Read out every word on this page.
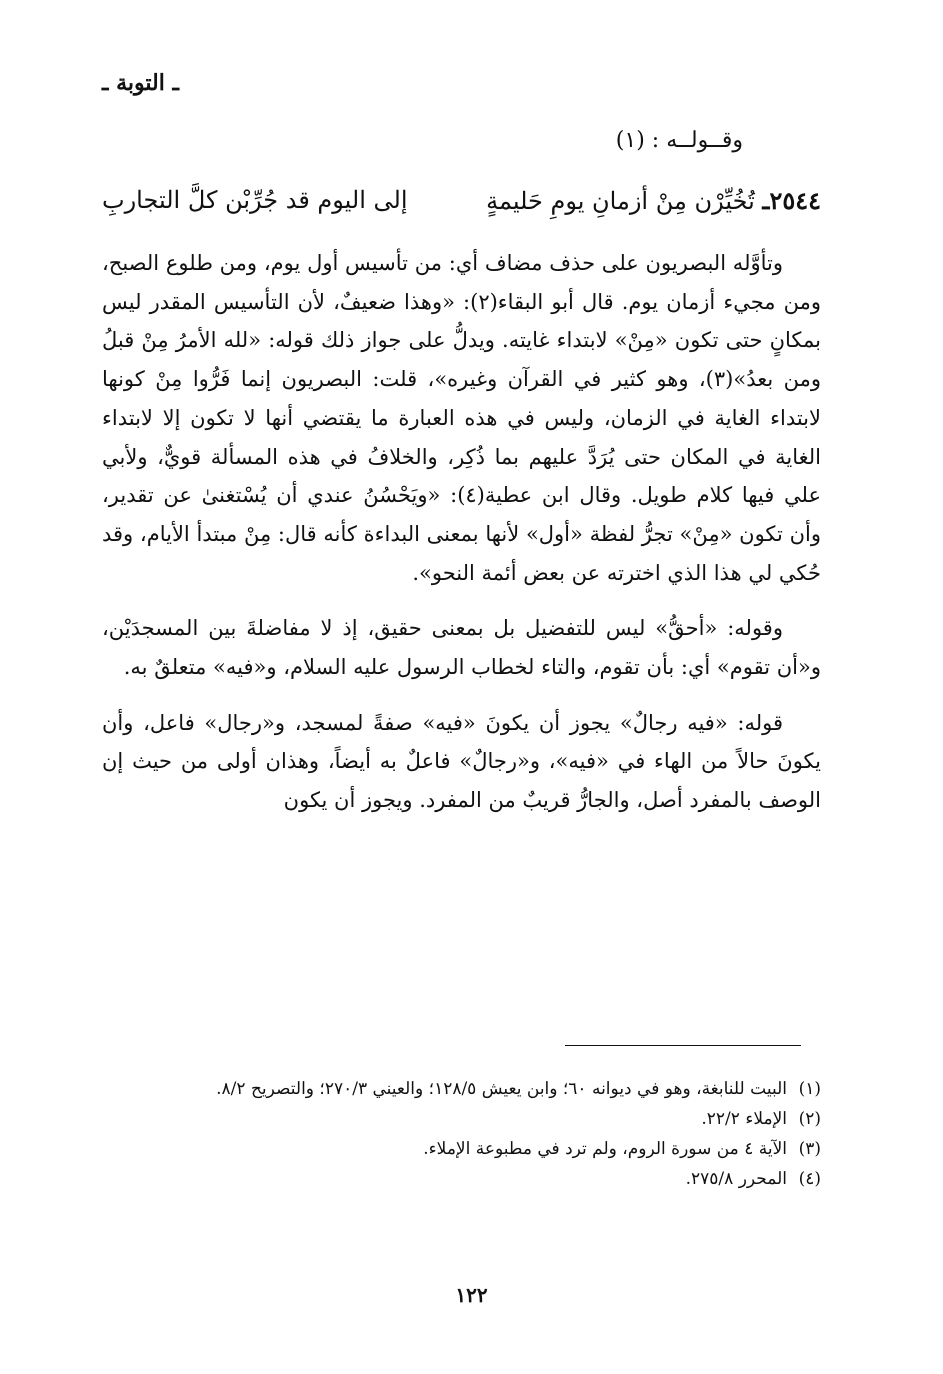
ـ التوبة ـ
وقــولــه : (١)
٢٥٤٤ـ تُخُيِّرْن مِنْ أزمانِ يومِ حَليمةٍ
إلى اليوم قد جُرِّبْن كلَّ التجاربِ

وتأوَّله البصريون على حذف مضاف أي: من تأسيس أول يوم، ومن طلوع الصبح، ومن مجيء أزمان يوم. قال أبو البقاء(٢): «وهذا ضعيفٌ، لأن التأسيس المقدر ليس بمكانٍ حتى تكون «مِنْ» لابتداء غايته. ويدلُّ على جواز ذلك قوله: «لله الأمرُ مِنْ قبلُ ومن بعدُ»(٣)، وهو كثير في القرآن وغيره»، قلت: البصريون إنما فَرُّوا مِنْ كونها لابتداء الغاية في الزمان، وليس في هذه العبارة ما يقتضي أنها لا تكون إلا لابتداء الغاية في المكان حتى يُرَدَّ عليهم بما ذُكِر، والخلافُ في هذه المسألة قويٌّ، ولأبي علي فيها كلام طويل. وقال ابن عطية(٤): «ويَحْسُنُ عندي أن يُسْتغنىٰ عن تقدير، وأن تكون «مِنْ» تجرُّ لفظة «أول» لأنها بمعنى البداءة كأنه قال: مِنْ مبتدأ الأيام، وقد حُكي لي هذا الذي اخترته عن بعض أئمة النحو».

وقوله: «أحقُّ» ليس للتفضيل بل بمعنى حقيق، إذ لا مفاضلةَ بين المسجدَيْن، و«أن تقوم» أي: بأن تقوم، والتاء لخطاب الرسول عليه السلام، و«فيه» متعلقٌ به.

قوله: «فيه رجالٌ» يجوز أن يكونَ «فيه» صفةً لمسجد، و«رجال» فاعل، وأن يكونَ حالاً من الهاء في «فيه»، و«رجالٌ» فاعلٌ به أيضاً، وهذان أولى من حيث إن الوصف بالمفرد أصل، والجارُّ قريبٌ من المفرد. ويجوز أن يكون

(١)
البيت للنابغة، وهو في ديوانه ٦٠؛ وابن يعيش ١٢٨/٥؛ والعيني ٢٧٠/٣؛ والتصريح ٨/٢.
(٢)
الإملاء ٢٢/٢.
(٣)
الآية ٤ من سورة الروم، ولم ترد في مطبوعة الإملاء.
(٤)
المحرر ٢٧٥/٨.
١٢٢
